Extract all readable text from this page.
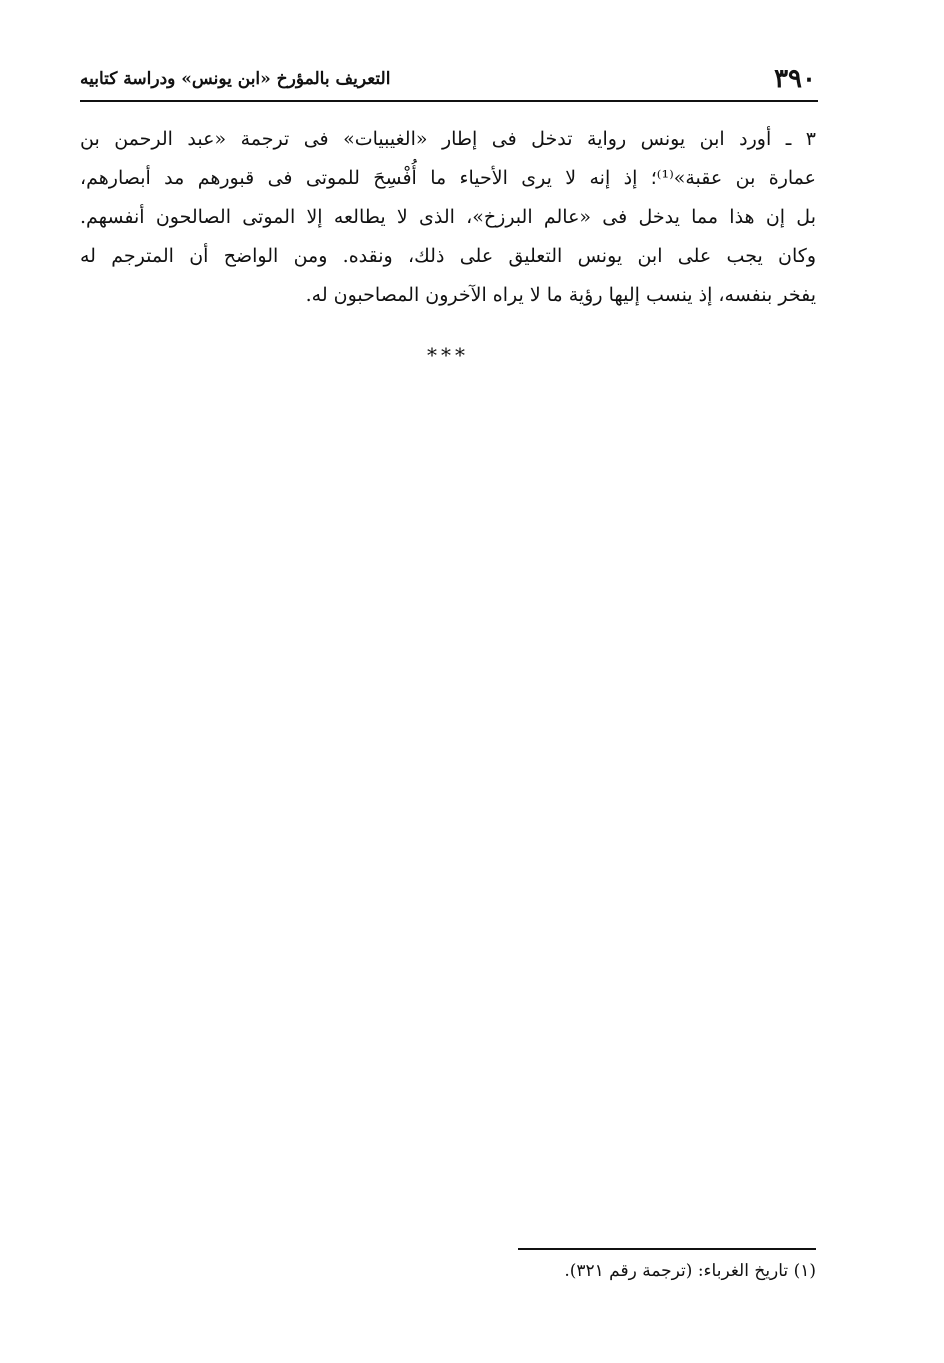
٣٩٠
التعريف بالمؤرخ «ابن يونس» ودراسة كتابيه
٣ ـ أورد ابن يونس رواية تدخل فى إطار «الغيبيات» فى ترجمة «عبد الرحمن بن
عمارة بن عقبة»⁽¹⁾؛ إذ إنه لا يرى الأحياء ما أُفْسِحَ للموتى فى قبورهم مد أبصارهم،
بل إن هذا مما يدخل فى «عالم البرزخ»، الذى لا يطالعه إلا الموتى الصالحون أنفسهم.
وكان يجب على ابن يونس التعليق على ذلك، ونقده. ومن الواضح أن المترجم له
يفخر بنفسه، إذ ينسب إليها رؤية ما لا يراه الآخرون المصاحبون له.
***
(١) تاريخ الغرباء: (ترجمة رقم ٣٢١).
